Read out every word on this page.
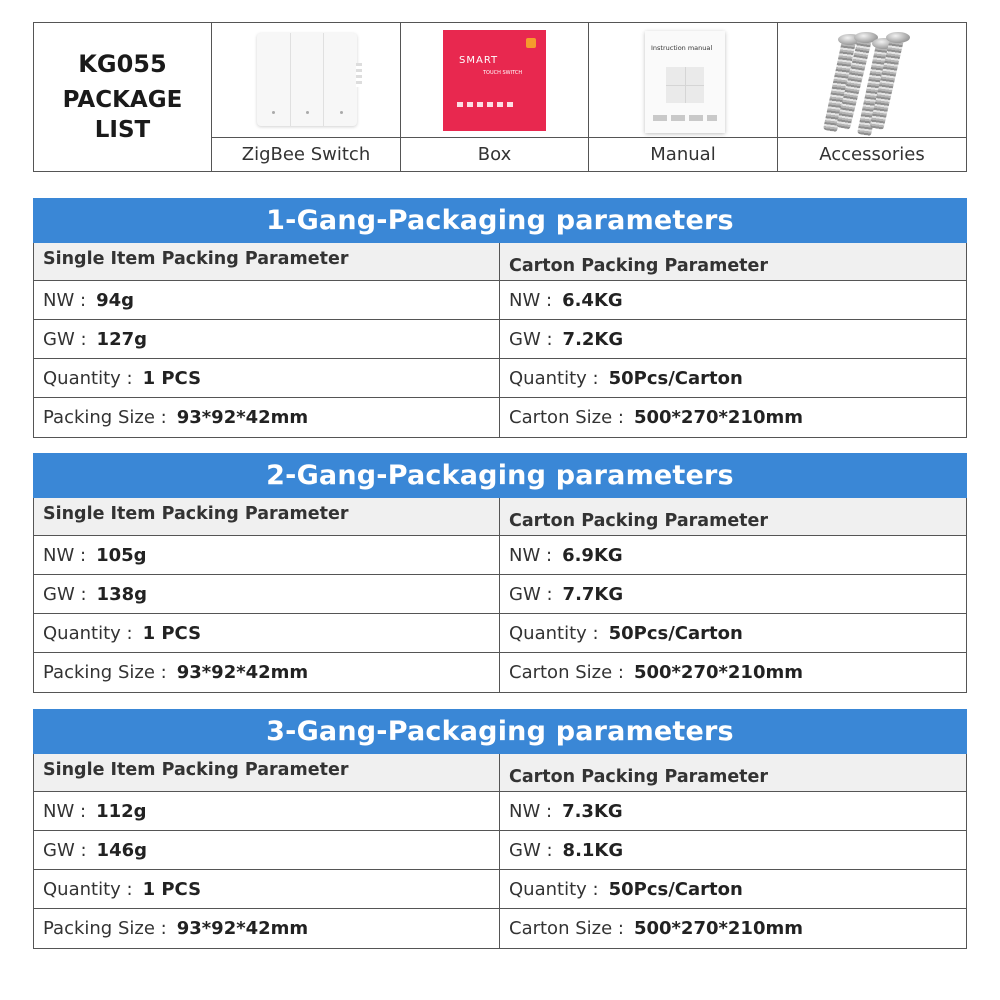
KG055
PACKAGE
LIST
ZigBee Switch
SMART
TOUCH SWITCH
Box
Instruction manual
Manual	Accessories
1-Gang-Packaging parameters
Single Item Packing Parameter	Carton Packing Parameter
NW : 94g	NW : 6.4KG
GW : 127g	GW : 7.2KG
Quantity : 1 PCS	Quantity : 50Pcs/Carton
Packing Size : 93*92*42mm	Carton Size : 500*270*210mm
2-Gang-Packaging parameters
Single Item Packing Parameter	Carton Packing Parameter
NW : 105g	NW : 6.9KG
GW : 138g	GW : 7.7KG
Quantity : 1 PCS	Quantity : 50Pcs/Carton
Packing Size : 93*92*42mm	Carton Size : 500*270*210mm
3-Gang-Packaging parameters
Single Item Packing Parameter	Carton Packing Parameter
NW : 112g	NW : 7.3KG
GW : 146g	GW : 8.1KG
Quantity : 1 PCS	Quantity : 50Pcs/Carton
Packing Size : 93*92*42mm	Carton Size : 500*270*210mm
